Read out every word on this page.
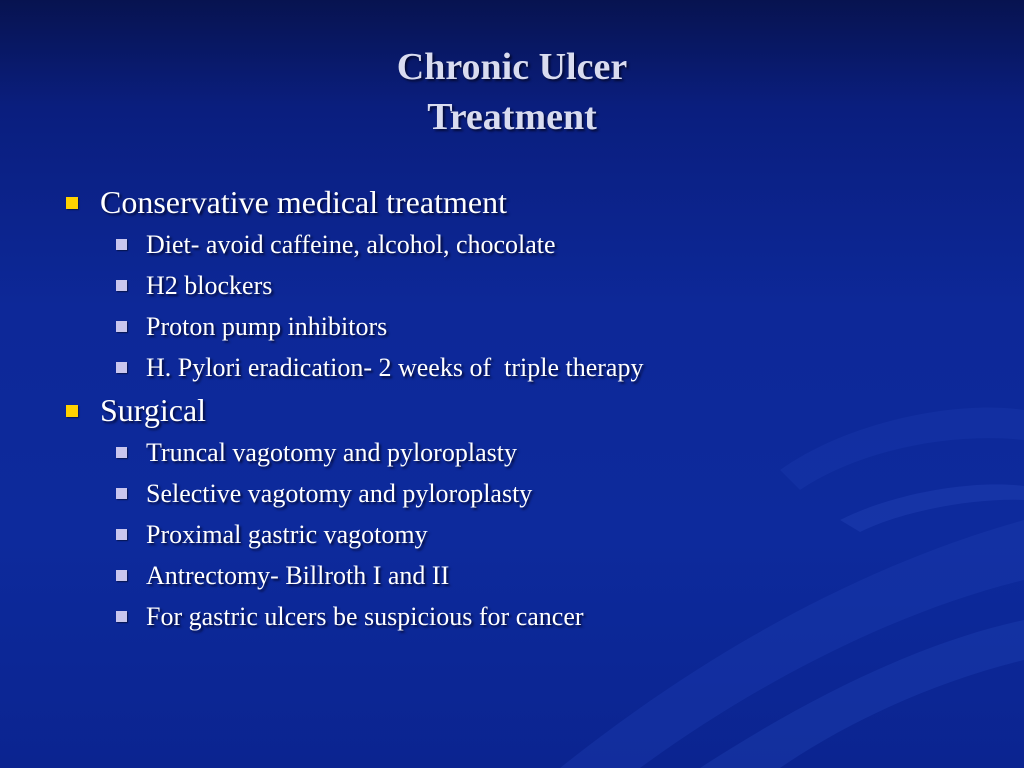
Chronic Ulcer
Treatment
Conservative medical treatment
Diet- avoid caffeine, alcohol, chocolate
H2 blockers
Proton pump inhibitors
H. Pylori eradication- 2 weeks of  triple therapy
Surgical
Truncal vagotomy and pyloroplasty
Selective vagotomy and pyloroplasty
Proximal gastric vagotomy
Antrectomy- Billroth I and II
For gastric ulcers be suspicious for cancer
